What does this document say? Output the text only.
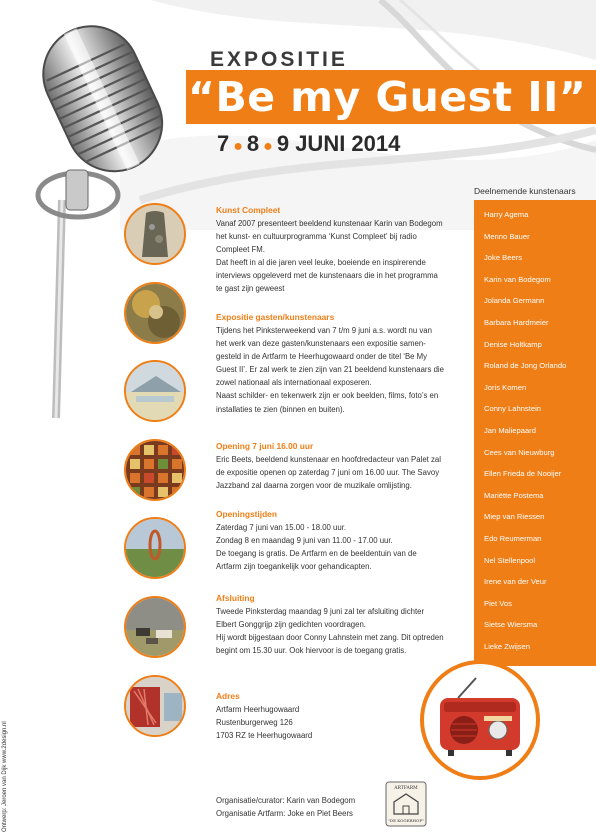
EXPOSITIE
“Be my Guest II”
7 ● 8 ● 9 JUNI 2014
Deelnemende kunstenaars
Harry Agema
Menno Bauer
Joke Beers
Karin van Bodegom
Jolanda Germann
Barbara Hardmeier
Denise Holtkamp
Roland de Jong Orlando
Joris Komen
Conny Lahnstein
Jan Maliepaard
Cees van Nieuwburg
Ellen Frieda de Nooijer
Mariëtte Postema
Miep van Riessen
Edo Reumerman
Nel Stellenpool
Irene van der Veur
Piet Vos
Sietse Wiersma
Lieke Zwijsen
Kunst Compleet

Vanaf 2007 presenteert beeldend kunstenaar Karin van Bodegom

het kunst- en cultuurprogramma ‘Kunst Compleet’ bij radio

Compleet FM.

Dat heeft in al die jaren veel leuke, boeiende en inspirerende

interviews opgeleverd met de kunstenaars die in het programma

te gast zijn geweest

Expositie gasten/kunstenaars

Tijdens het Pinksterweekend van 7 t/m 9 juni a.s. wordt nu van

het werk van deze gasten/kunstenaars een expositie samen-

gesteld in de Artfarm te Heerhugowaard onder de titel ‘Be My

Guest II’. Er zal werk te zien zijn van 21 beeldend kunstenaars die

zowel nationaal als internationaal exposeren.

Naast schilder- en tekenwerk zijn er ook beelden, films, foto’s en

installaties te zien (binnen en buiten).

Opening 7 juni 16.00 uur

Eric Beets, beeldend kunstenaar en hoofdredacteur van Palet zal

de expositie openen op zaterdag 7 juni om 16.00 uur. The Savoy

Jazzband zal daarna zorgen voor de muzikale omlijsting.

Openingstijden

Zaterdag 7 juni van 15.00 - 18.00 uur.

Zondag 8 en maandag 9 juni van 11.00 - 17.00 uur.

De toegang is gratis. De Artfarm en de beeldentuin van de

Artfarm zijn toegankelijk voor gehandicapten.

Afsluiting

Tweede Pinksterdag maandag 9 juni zal ter afsluiting dichter

Elbert Gonggrijp zijn gedichten voordragen.

Hij wordt bijgestaan door Conny Lahnstein met zang. Dit optreden

begint om 15.30 uur. Ook hiervoor is de toegang gratis.

Adres

Artfarm Heerhugowaard

Rustenburgerweg 126

1703 RZ te Heerhugowaard

Organisatie/curator: Karin van Bodegom
Organisatie Artfarm: Joke en Piet Beers
Ontwerp: Jeroen van Dijk www.2design.nl	ARTFARM
"DE KOGERHOF"
